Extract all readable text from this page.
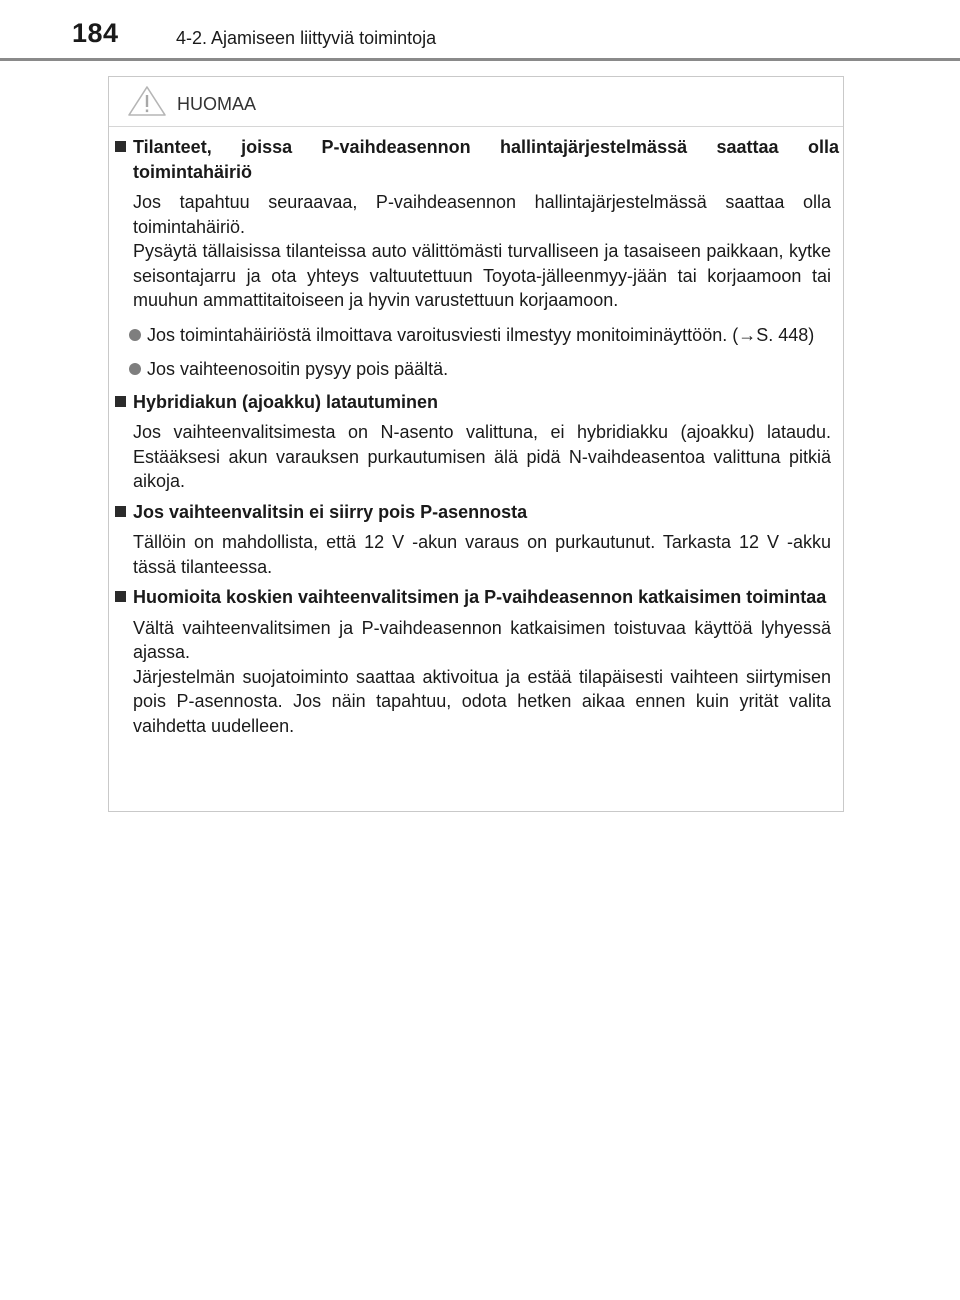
184	4-2. Ajamiseen liittyviä toimintoja
HUOMAA
Tilanteet, joissa P-vaihdeasennon hallintajärjestelmässä saattaa olla toimintahäiriö
Jos tapahtuu seuraavaa, P-vaihdeasennon hallintajärjestelmässä saattaa olla toimintahäiriö.
Pysäytä tällaisissa tilanteissa auto välittömästi turvalliseen ja tasaiseen paikkaan, kytke seisontajarru ja ota yhteys valtuutettuun Toyota-jälleenmyy-jään tai korjaamoon tai muuhun ammattitaitoiseen ja hyvin varustettuun korjaamoon.
Jos toimintahäiriöstä ilmoittava varoitusviesti ilmestyy monitoiminäyttöön. (→S. 448)
Jos vaihteenosoitin pysyy pois päältä.
Hybridiakun (ajoakku) latautuminen
Jos vaihteenvalitsimesta on N-asento valittuna, ei hybridiakku (ajoakku) lataudu. Estääksesi akun varauksen purkautumisen älä pidä N-vaihdeasentoa valittuna pitkiä aikoja.
Jos vaihteenvalitsin ei siirry pois P-asennosta
Tällöin on mahdollista, että 12 V -akun varaus on purkautunut. Tarkasta 12 V -akku tässä tilanteessa.
Huomioita koskien vaihteenvalitsimen ja P-vaihdeasennon katkaisimen toimintaa
Vältä vaihteenvalitsimen ja P-vaihdeasennon katkaisimen toistuvaa käyttöä lyhyessä ajassa.
Järjestelmän suojatoiminto saattaa aktivoitua ja estää tilapäisesti vaihteen siirtymisen pois P-asennosta. Jos näin tapahtuu, odota hetken aikaa ennen kuin yrität valita vaihdetta uudelleen.
